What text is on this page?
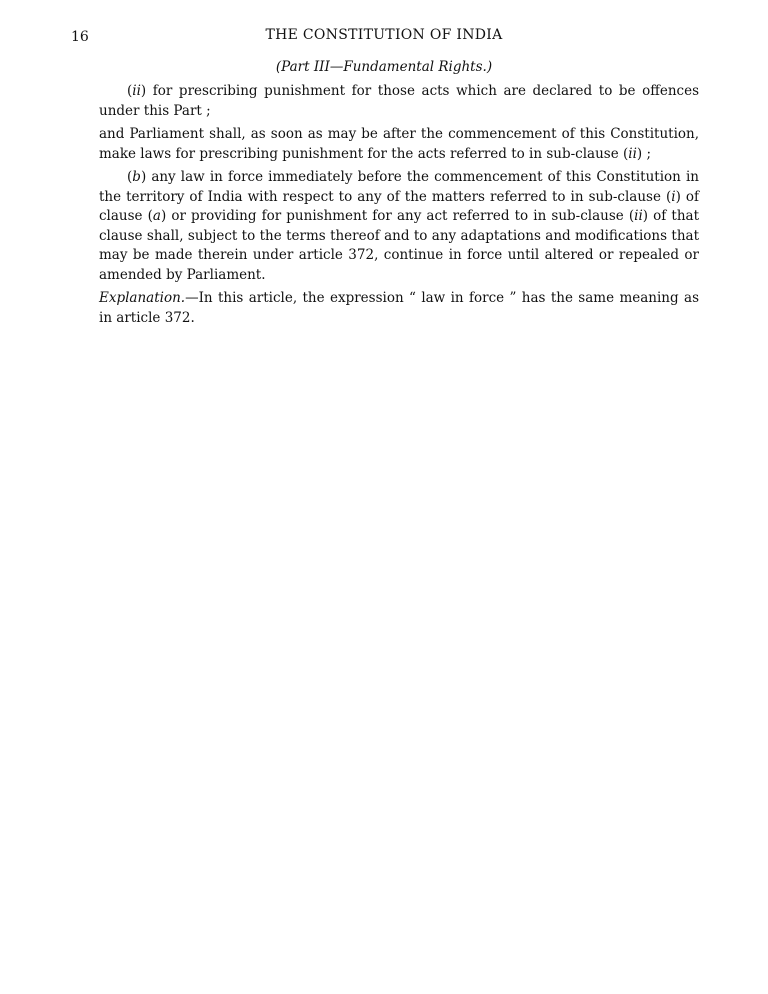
16	THE CONSTITUTION OF INDIA
(Part III—Fundamental Rights.)

(ii) for prescribing punishment for those acts which are declared to be offences under this Part ;

and Parliament shall, as soon as may be after the commencement of this Constitution, make laws for prescribing punishment for the acts referred to in sub-clause (ii) ;

(b) any law in force immediately before the commencement of this Constitution in the territory of India with respect to any of the matters referred to in sub-clause (i) of clause (a) or providing for punishment for any act referred to in sub-clause (ii) of that clause shall, subject to the terms thereof and to any adaptations and modifications that may be made therein under article 372, continue in force until altered or repealed or amended by Parliament.

Explanation.—In this article, the expression “ law in force ” has the same meaning as in article 372.
